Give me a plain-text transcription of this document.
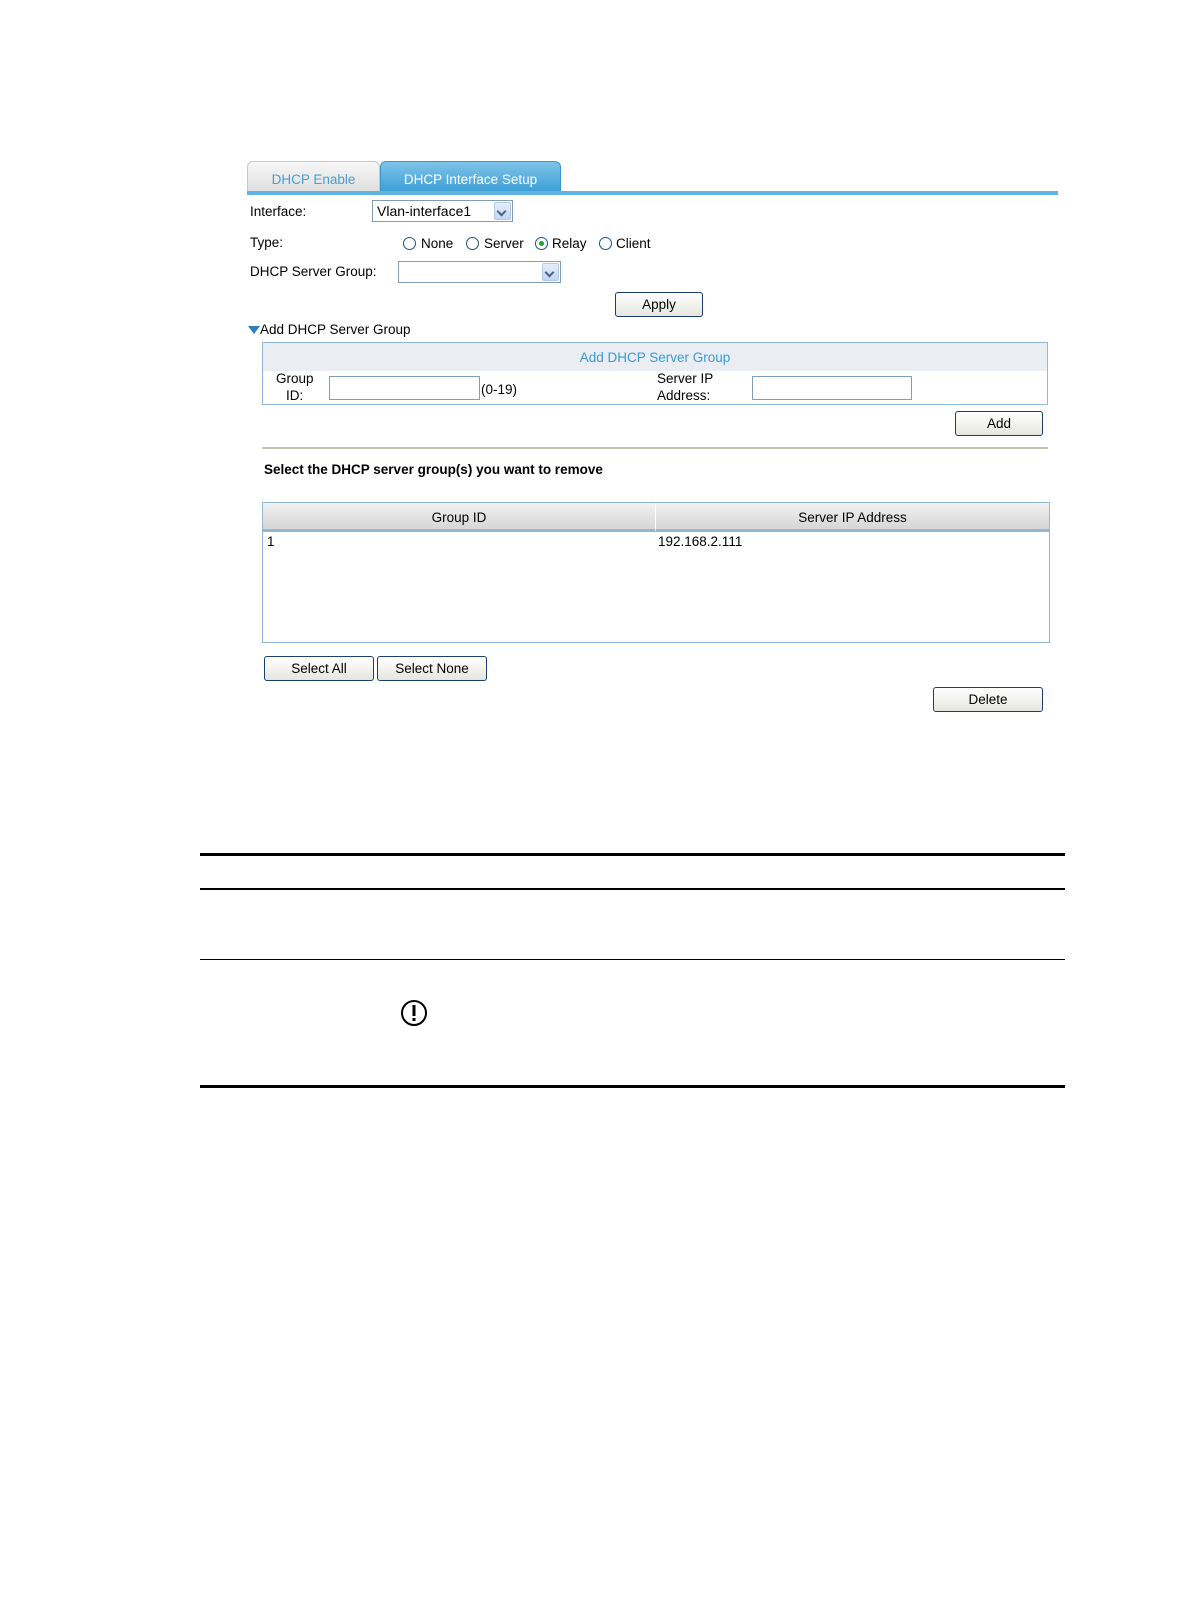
DHCP Enable	DHCP Interface Setup
Interface:	Vlan-interface1
Type:	None Server Relay Client
DHCP Server Group:
Apply
Add DHCP Server Group
Add DHCP Server Group
Group
ID:	(0-19)
Server IP
Address:
Add
Select the DHCP server group(s) you want to remove
Group ID	Server IP Address
1	192.168.2.111
Select All	Select None
Delete
